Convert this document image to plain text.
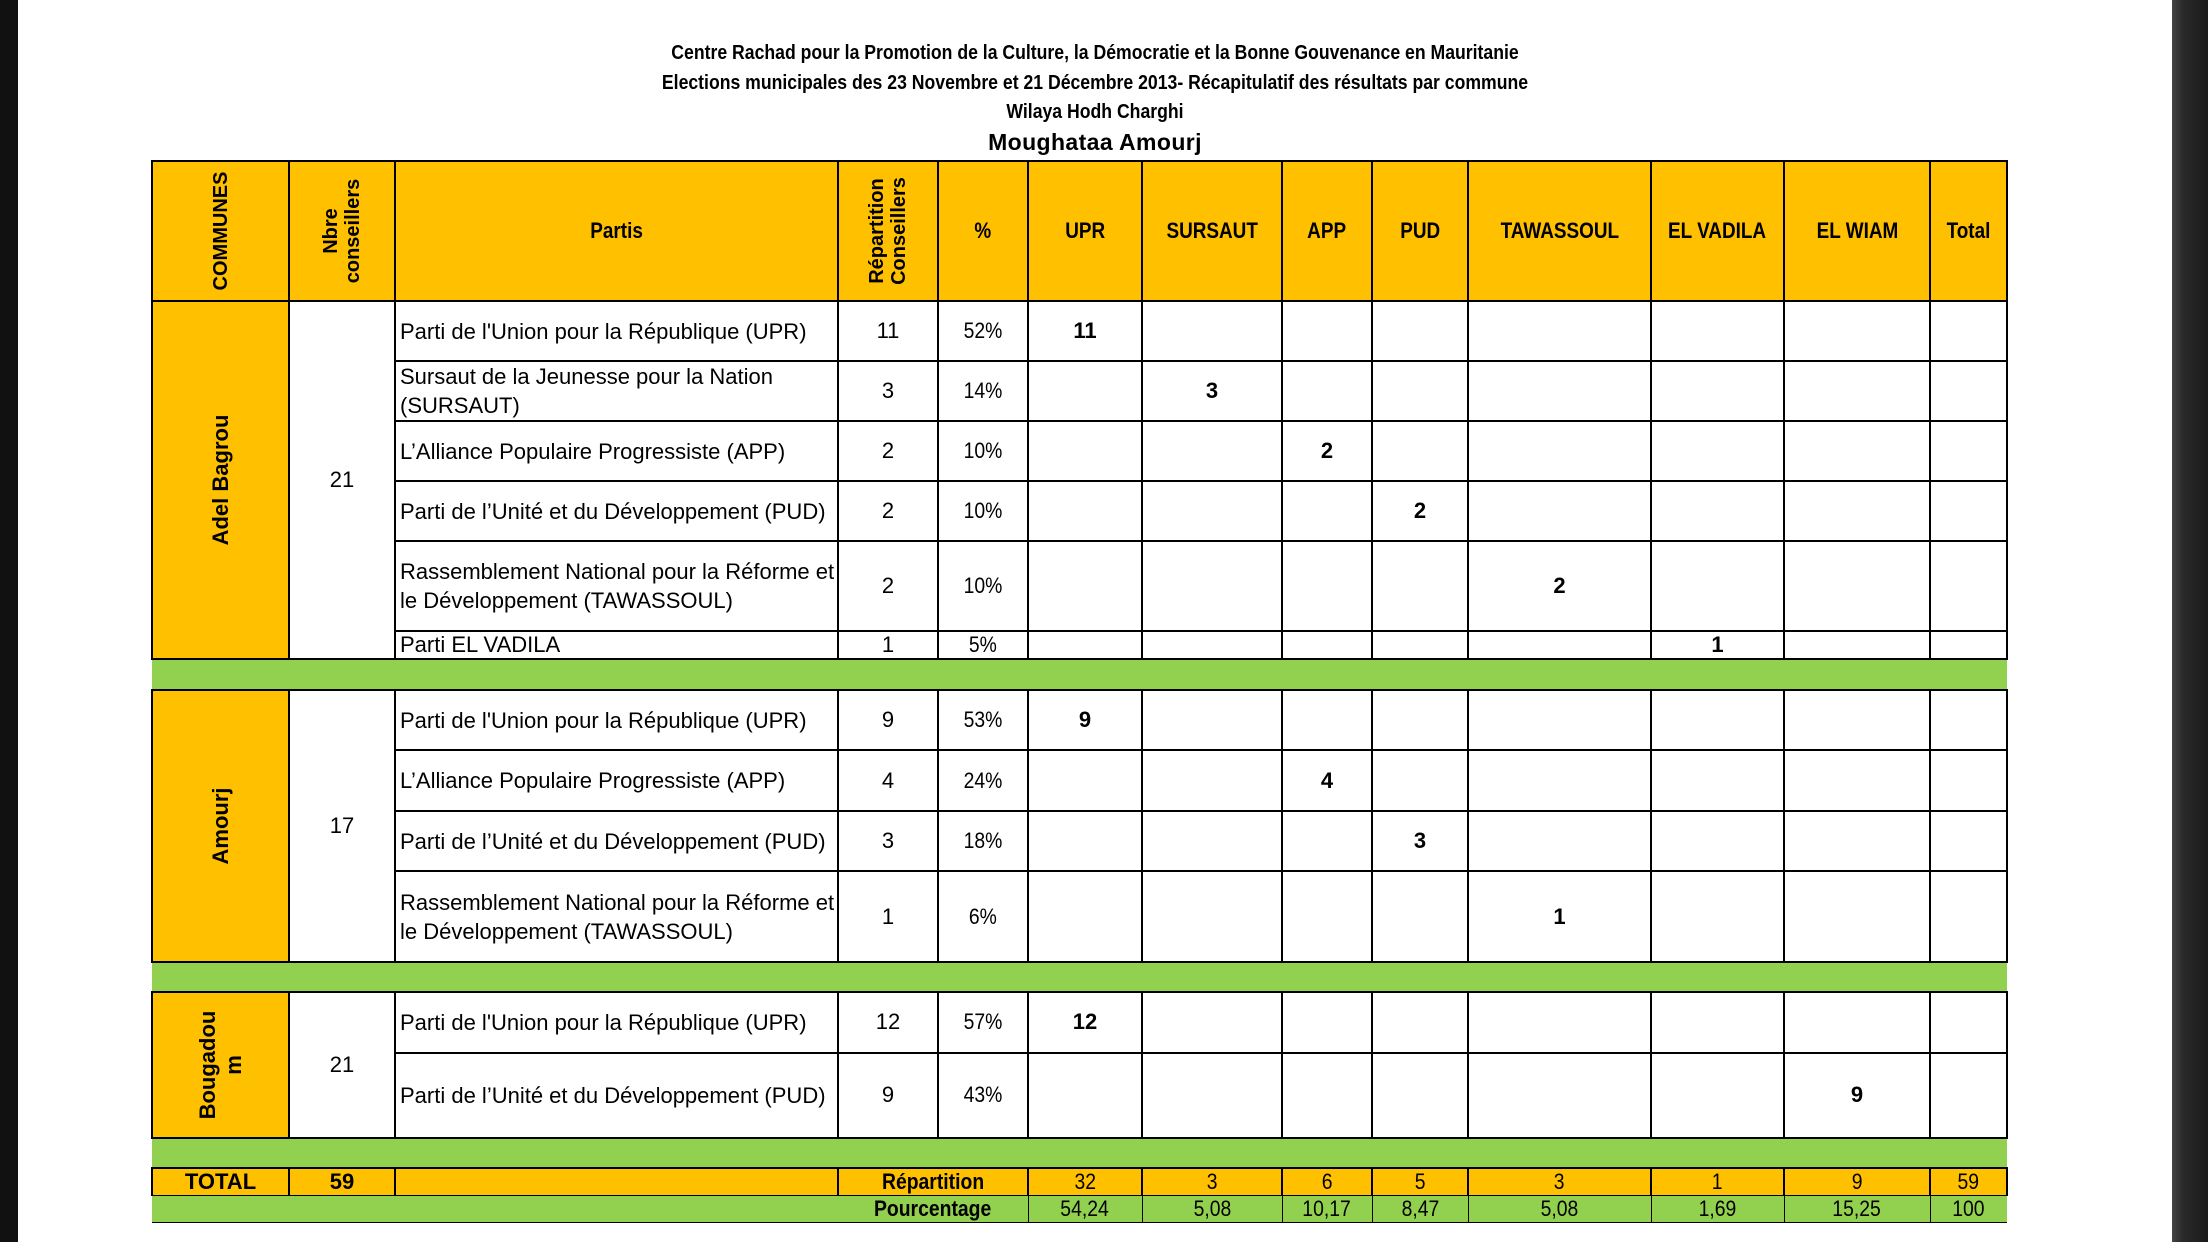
Centre Rachad pour la Promotion de la Culture, la Démocratie et la Bonne Gouvenance en Mauritanie
Elections municipales des 23 Novembre et 21 Décembre 2013- Récapitulatif des résultats par commune
Wilaya Hodh Charghi
Moughataa Amourj
COMMUNES	Nbre conseillers	Partis	Répartition Conseillers	%	UPR	SURSAUT	APP	PUD	TAWASSOUL	EL VADILA	EL WIAM	Total

Adel Bagrou	21	Parti de l'Union pour la République (UPR)	11	52%	11							
		Sursaut de la Jeunesse pour la Nation (SURSAUT)	3	14%		3						
		L’Alliance Populaire Progressiste (APP)	2	10%			2					
		Parti de l’Unité et du Développement (PUD)	2	10%				2				
		Rassemblement National pour la Réforme et le Développement (TAWASSOUL)	2	10%					2			
		Parti EL VADILA	1	5%						1		

Amourj	17	Parti de l'Union pour la République (UPR)	9	53%	9							
		L’Alliance Populaire Progressiste (APP)	4	24%			4					
		Parti de l’Unité et du Développement (PUD)	3	18%				3				
		Rassemblement National pour la Réforme et le Développement (TAWASSOUL)	1	6%					1			

Bougadou m	21	Parti de l'Union pour la République (UPR)	12	57%	12							
		Parti de l’Unité et du Développement (PUD)	9	43%							9	

TOTAL	59		Répartition		32	3	6	5	3	1	9	59
			Pourcentage		54,24	5,08	10,17	8,47	5,08	1,69	15,25	100
